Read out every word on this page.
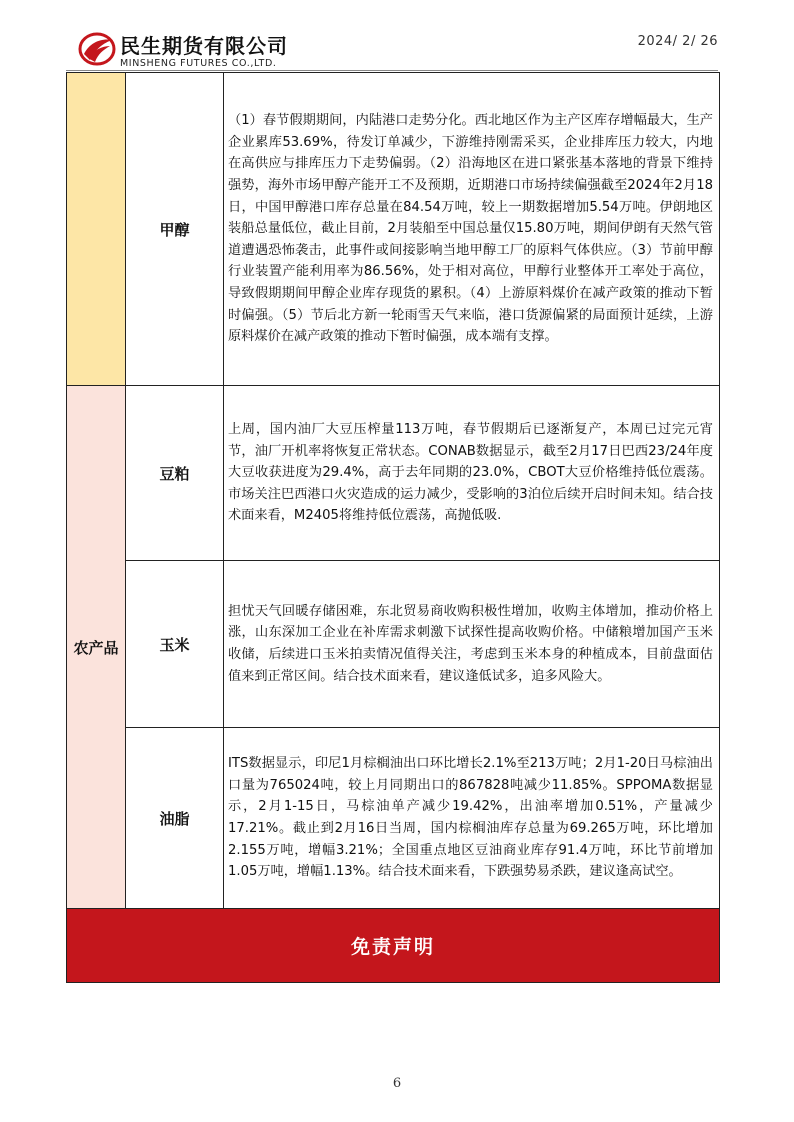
民生期货有限公司
MINSHENG FUTURES CO.,LTD.
2024/ 2/ 26
	甲醇	（1）春节假期期间，内陆港口走势分化。西北地区作为主产区库存增幅最大，生产企业累库53.69%，待发订单减少，下游维持刚需采买，企业排库压力较大，内地在高供应与排库压力下走势偏弱。（2）沿海地区在进口紧张基本落地的背景下维持强势，海外市场甲醇产能开工不及预期，近期港口市场持续偏强截至2024年2月18日，中国甲醇港口库存总量在84.54万吨，较上一期数据增加5.54万吨。伊朗地区装船总量低位，截止目前，2月装船至中国总量仅15.80万吨，期间伊朗有天然气管道遭遇恐怖袭击，此事件或间接影响当地甲醇工厂的原料气体供应。（3）节前甲醇行业装置产能利用率为86.56%，处于相对高位，甲醇行业整体开工率处于高位，导致假期期间甲醇企业库存现货的累积。（4）上游原料煤价在减产政策的推动下暂时偏强。（5）节后北方新一轮雨雪天气来临，港口货源偏紧的局面预计延续，上游原料煤价在减产政策的推动下暂时偏强，成本端有支撑。
农产品	豆粕	上周，国内油厂大豆压榨量113万吨，春节假期后已逐渐复产，本周已过完元宵节，油厂开机率将恢复正常状态。CONAB数据显示，截至2月17日巴西23/24年度大豆收获进度为29.4%，高于去年同期的23.0%，CBOT大豆价格维持低位震荡。市场关注巴西港口火灾造成的运力减少，受影响的3泊位后续开启时间未知。结合技术面来看，M2405将维持低位震荡，高抛低吸.
	玉米	担忧天气回暖存储困难，东北贸易商收购积极性增加，收购主体增加，推动价格上涨，山东深加工企业在补库需求刺激下试探性提高收购价格。中储粮增加国产玉米收储，后续进口玉米拍卖情况值得关注，考虑到玉米本身的种植成本，目前盘面估值来到正常区间。结合技术面来看，建议逢低试多，追多风险大。
	油脂	ITS数据显示，印尼1月棕榈油出口环比增长2.1%至213万吨；2月1-20日马棕油出口量为765024吨，较上月同期出口的867828吨减少11.85%。SPPOMA数据显示，2月1-15日，马棕油单产减少19.42%，出油率增加0.51%，产量减少17.21%。截止到2月16日当周，国内棕榈油库存总量为69.265万吨，环比增加2.155万吨，增幅3.21%；全国重点地区豆油商业库存91.4万吨，环比节前增加1.05万吨，增幅1.13%。结合技术面来看，下跌强势易杀跌，建议逢高试空。
免责声明		
6
